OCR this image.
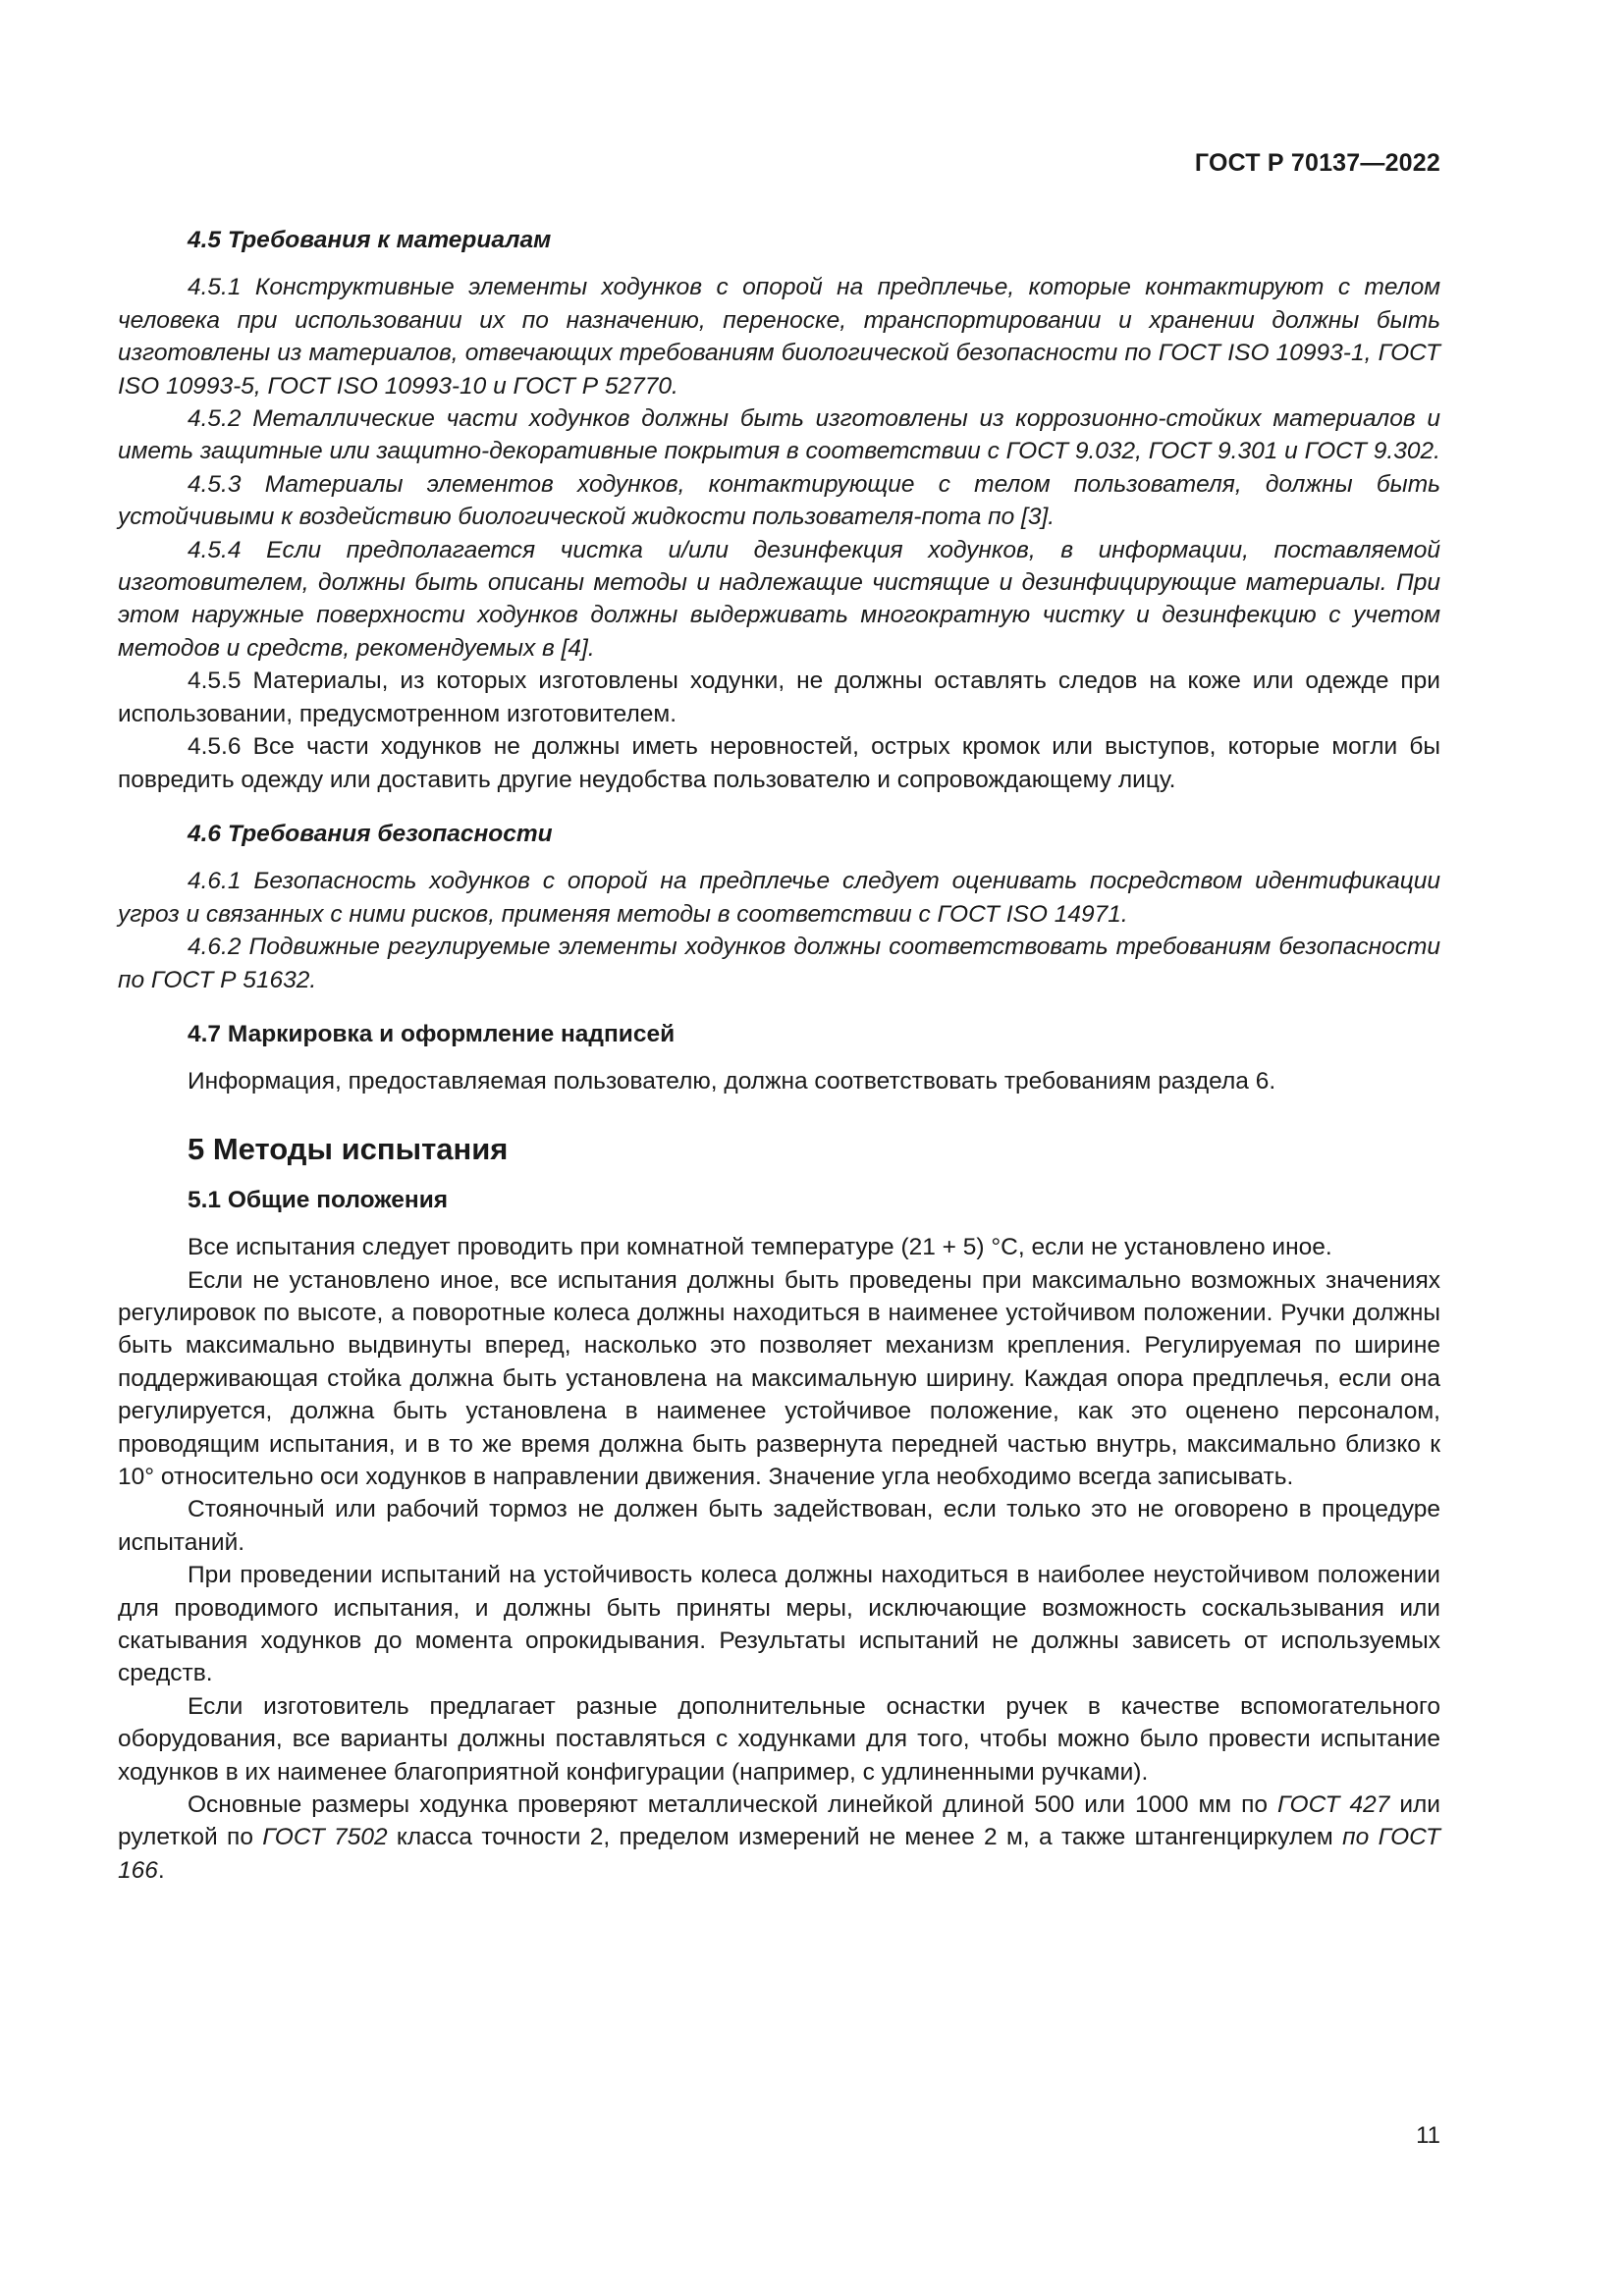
ГОСТ Р 70137—2022

4.5 Требования к материалам

4.5.1 Конструктивные элементы ходунков с опорой на предплечье, которые контактируют с телом человека при использовании их по назначению, переноске, транспортировании и хранении должны быть изготовлены из материалов, отвечающих требованиям биологической безопасности по ГОСТ ISO 10993-1, ГОСТ ISO 10993-5, ГОСТ ISO 10993-10 и ГОСТ Р 52770.

4.5.2 Металлические части ходунков должны быть изготовлены из коррозионно-стойких материалов и иметь защитные или защитно-декоративные покрытия в соответствии с ГОСТ 9.032, ГОСТ 9.301 и ГОСТ 9.302.

4.5.3 Материалы элементов ходунков, контактирующие с телом пользователя, должны быть устойчивыми к воздействию биологической жидкости пользователя-пота по [3].

4.5.4 Если предполагается чистка и/или дезинфекция ходунков, в информации, поставляемой изготовителем, должны быть описаны методы и надлежащие чистящие и дезинфицирующие материалы. При этом наружные поверхности ходунков должны выдерживать многократную чистку и дезинфекцию с учетом методов и средств, рекомендуемых в [4].

4.5.5 Материалы, из которых изготовлены ходунки, не должны оставлять следов на коже или одежде при использовании, предусмотренном изготовителем.

4.5.6 Все части ходунков не должны иметь неровностей, острых кромок или выступов, которые могли бы повредить одежду или доставить другие неудобства пользователю и сопровождающему лицу.

4.6 Требования безопасности

4.6.1 Безопасность ходунков с опорой на предплечье следует оценивать посредством идентификации угроз и связанных с ними рисков, применяя методы в соответствии с ГОСТ ISO 14971.

4.6.2 Подвижные регулируемые элементы ходунков должны соответствовать требованиям безопасности по ГОСТ Р 51632.

4.7 Маркировка и оформление надписей

Информация, предоставляемая пользователю, должна соответствовать требованиям раздела 6.

5 Методы испытания

5.1 Общие положения

Все испытания следует проводить при комнатной температуре (21 + 5) °С, если не установлено иное.

Если не установлено иное, все испытания должны быть проведены при максимально возможных значениях регулировок по высоте, а поворотные колеса должны находиться в наименее устойчивом положении. Ручки должны быть максимально выдвинуты вперед, насколько это позволяет механизм крепления. Регулируемая по ширине поддерживающая стойка должна быть установлена на максимальную ширину. Каждая опора предплечья, если она регулируется, должна быть установлена в наименее устойчивое положение, как это оценено персоналом, проводящим испытания, и в то же время должна быть развернута передней частью внутрь, максимально близко к 10° относительно оси ходунков в направлении движения. Значение угла необходимо всегда записывать.

Стояночный или рабочий тормоз не должен быть задействован, если только это не оговорено в процедуре испытаний.

При проведении испытаний на устойчивость колеса должны находиться в наиболее неустойчивом положении для проводимого испытания, и должны быть приняты меры, исключающие возможность соскальзывания или скатывания ходунков до момента опрокидывания. Результаты испытаний не должны зависеть от используемых средств.

Если изготовитель предлагает разные дополнительные оснастки ручек в качестве вспомогательного оборудования, все варианты должны поставляться с ходунками для того, чтобы можно было провести испытание ходунков в их наименее благоприятной конфигурации (например, с удлиненными ручками).

Основные размеры ходунка проверяют металлической линейкой длиной 500 или 1000 мм по ГОСТ 427 или рулеткой по ГОСТ 7502 класса точности 2, пределом измерений не менее 2 м, а также штангенциркулем по ГОСТ 166.

11
